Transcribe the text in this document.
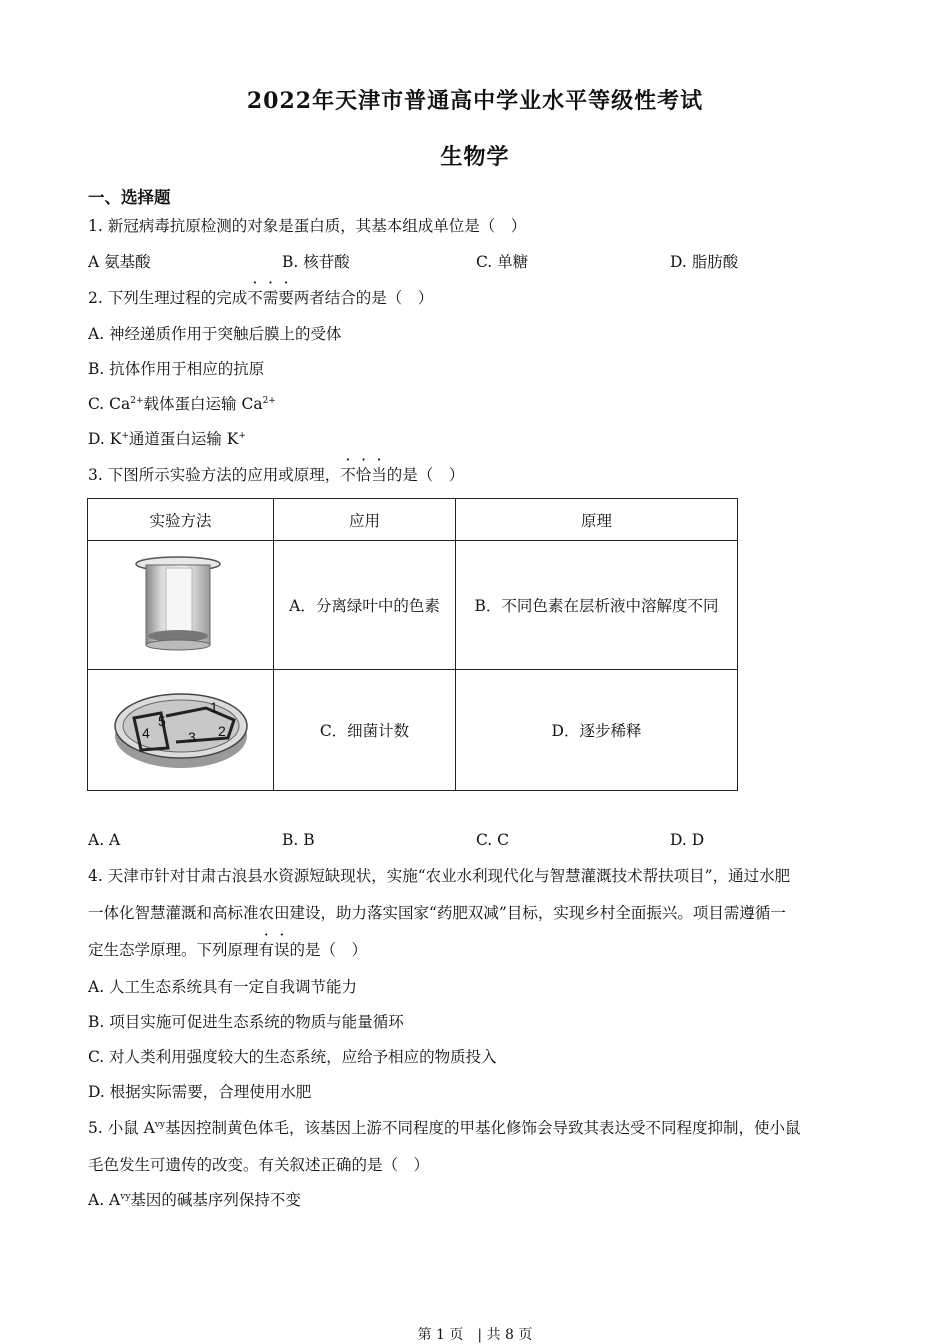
2022年天津市普通高中学业水平等级性考试
生物学
一、选择题
1. 新冠病毒抗原检测的对象是蛋白质，其基本组成单位是（　）
A 氨基酸	B. 核苷酸	C. 单糖	D. 脂肪酸
2. 下列生理过程的完成不需要两者结合的是（　）
A. 神经递质作用于突触后膜上的受体
B. 抗体作用于相应的抗原
C. $Ca^{2+}$载体蛋白运输 $Ca^{2+}$
D. K+通道蛋白运输 K+
3. 下图所示实验方法的应用或原理，不恰当的是（　）
实验方法	应用	原理
	A．分离绿叶中的色素	B．不同色素在层析液中溶解度不同

1
2
3
4
5	C．细菌计数	D．逐步稀释
A. A	B. B	C. C	D. D
4. 天津市针对甘肃古浪县水资源短缺现状，实施“农业水利现代化与智慧灌溉技术帮扶项目”，通过水肥
一体化智慧灌溉和高标准农田建设，助力落实国家“药肥双减”目标，实现乡村全面振兴。项目需遵循一
定生态学原理。下列原理有误的是（　）
A. 人工生态系统具有一定自我调节能力
B. 项目实施可促进生态系统的物质与能量循环
C. 对人类利用强度较大的生态系统，应给予相应的物质投入
D. 根据实际需要，合理使用水肥
5. 小鼠 $A^{vy}$基因控制黄色体毛，该基因上游不同程度的甲基化修饰会导致其表达受不同程度抑制，使小鼠
毛色发生可遗传的改变。有关叙述正确的是（　）
A. $A^{vy}$基因的碱基序列保持不变
第 1 页　| 共 8 页
